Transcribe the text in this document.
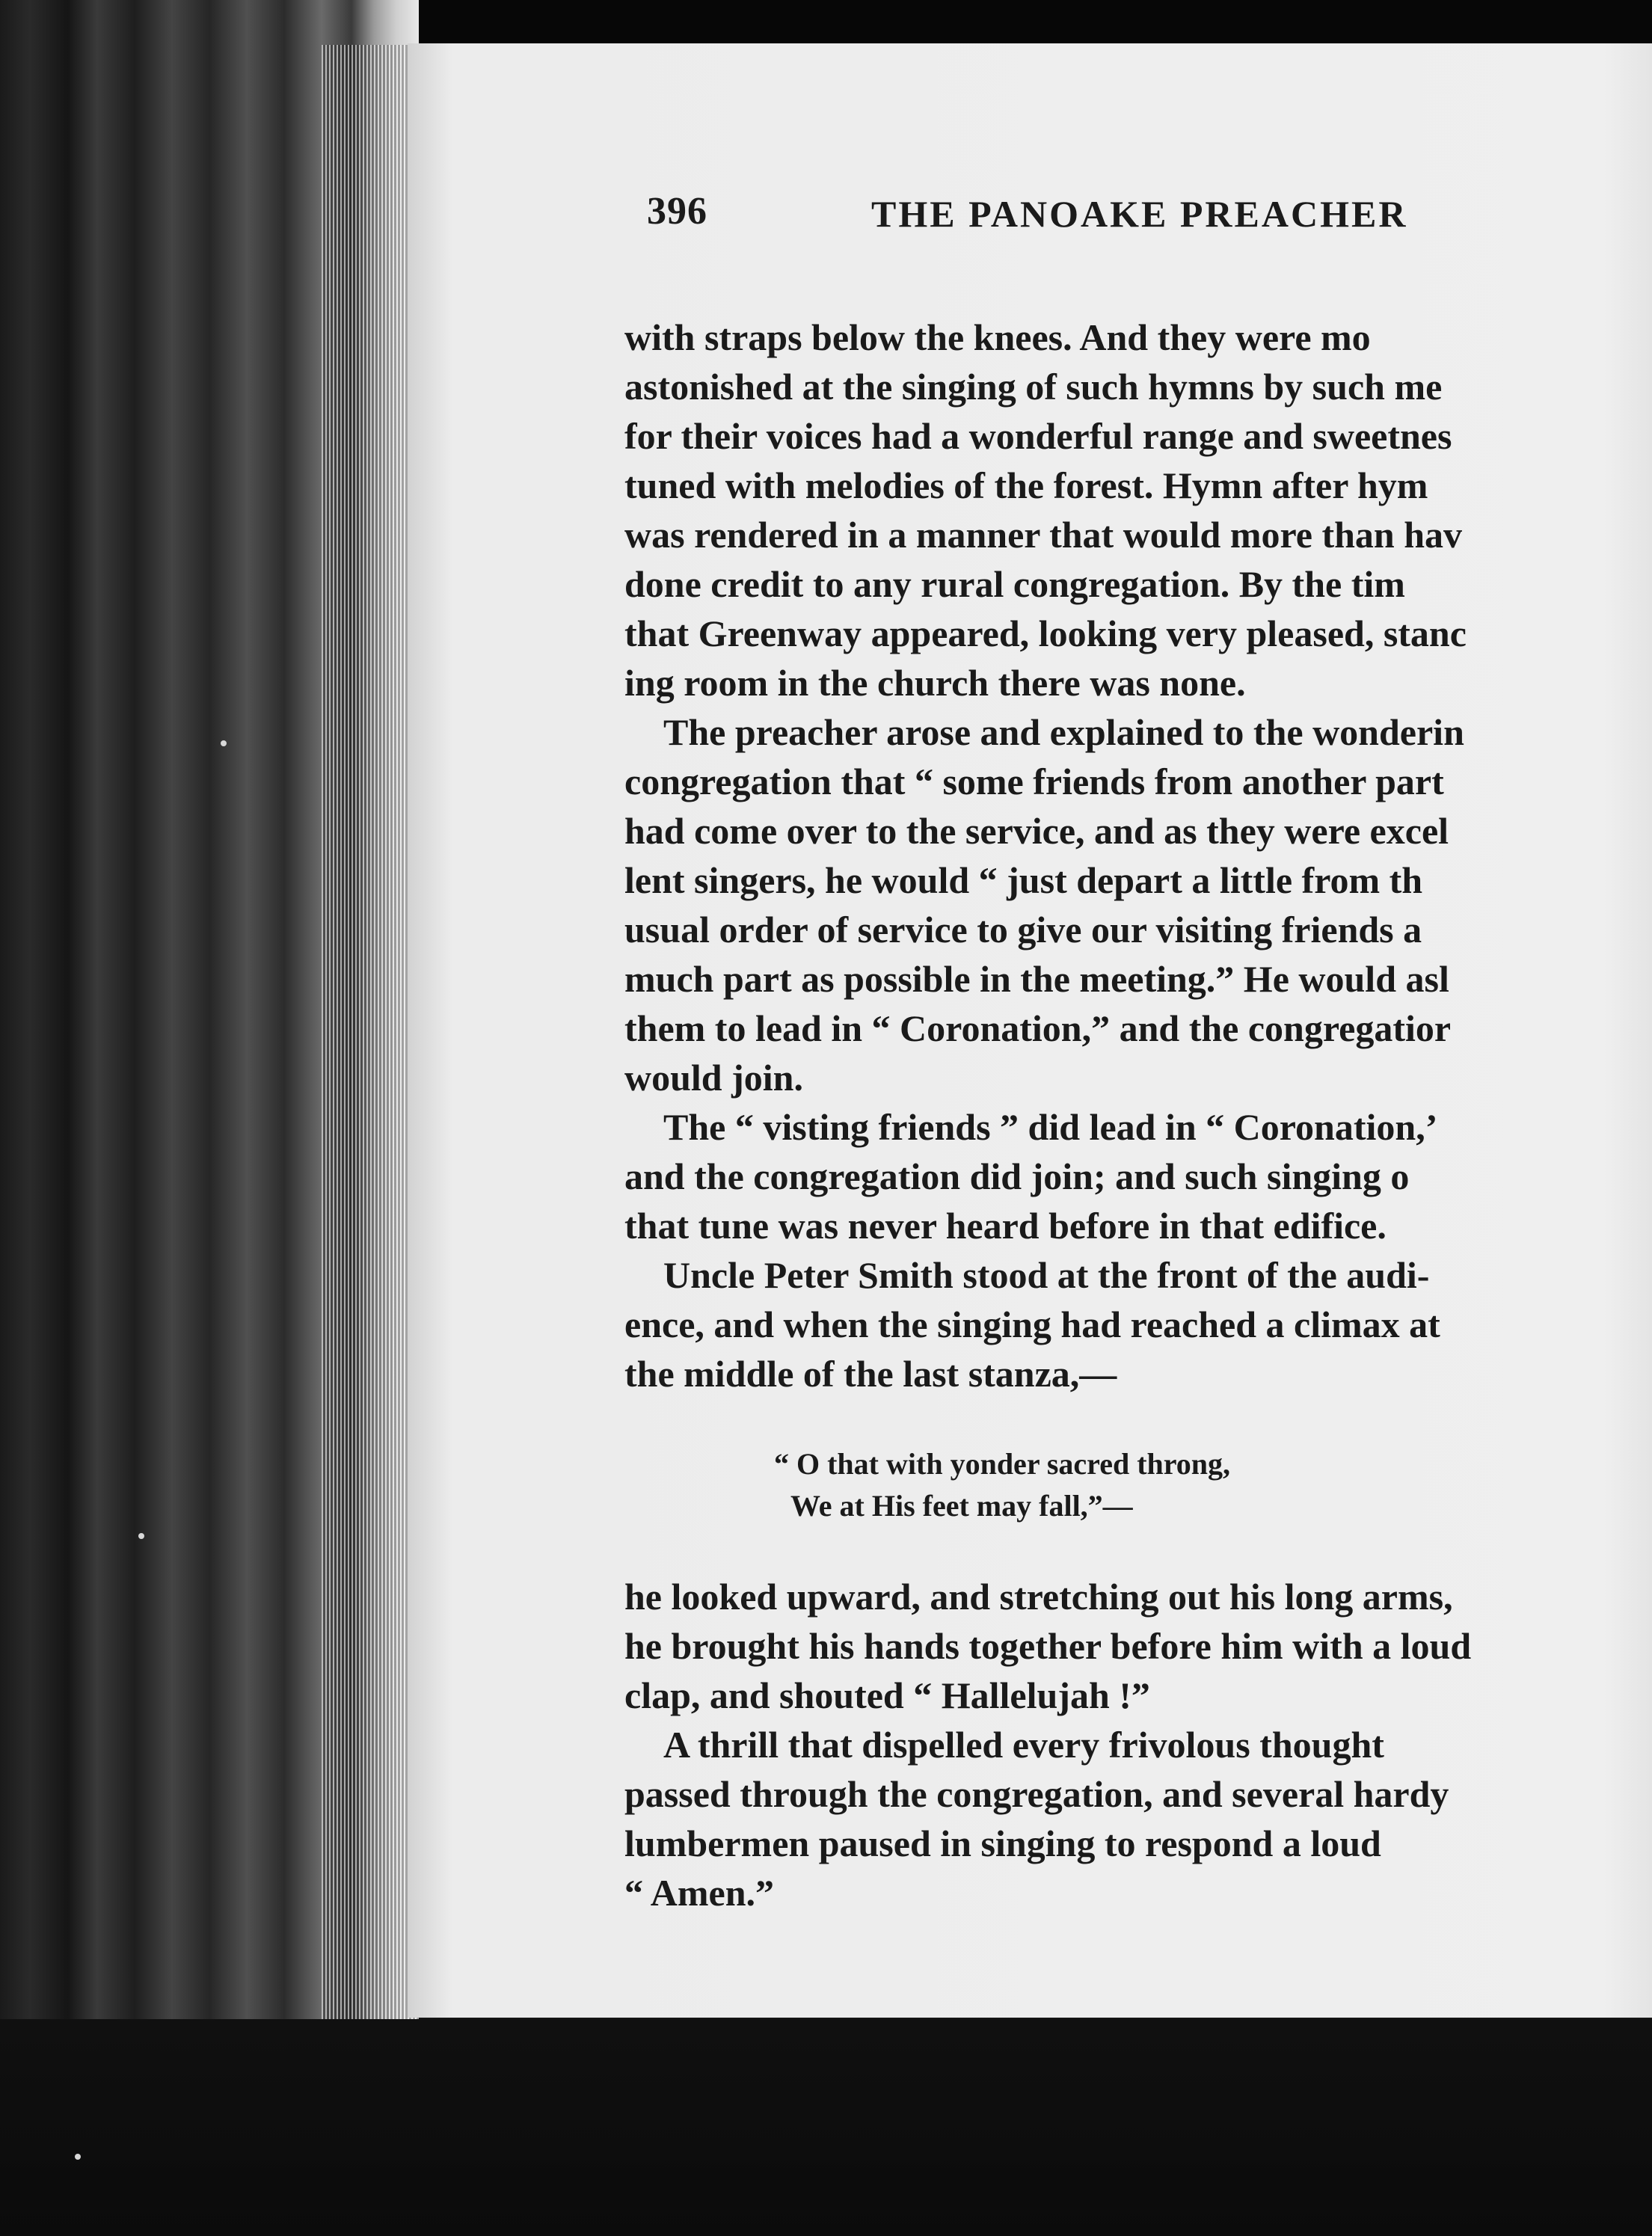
396	THE PANOAKE PREACHER
with straps below the knees. And they were mo
astonished at the singing of such hymns by such me
for their voices had a wonderful range and sweetnes
tuned with melodies of the forest. Hymn after hym
was rendered in a manner that would more than hav
done credit to any rural congregation. By the tim
that Greenway appeared, looking very pleased, stanc
ing room in the church there was none.
The preacher arose and explained to the wonderin
congregation that “ some friends from another part
had come over to the service, and as they were excel
lent singers, he would “ just depart a little from th
usual order of service to give our visiting friends a
much part as possible in the meeting.” He would asl
them to lead in “ Coronation,” and the congregatior
would join.
The “ visting friends ” did lead in “ Coronation,’
and the congregation did join; and such singing o
that tune was never heard before in that edifice.
Uncle Peter Smith stood at the front of the audi-
ence, and when the singing had reached a climax at
the middle of the last stanza,—
“ O that with yonder sacred throng,
We at His feet may fall,”—
he looked upward, and stretching out his long arms,
he brought his hands together before him with a loud
clap, and shouted “ Hallelujah !”
A thrill that dispelled every frivolous thought
passed through the congregation, and several hardy
lumbermen paused in singing to respond a loud
“ Amen.”
